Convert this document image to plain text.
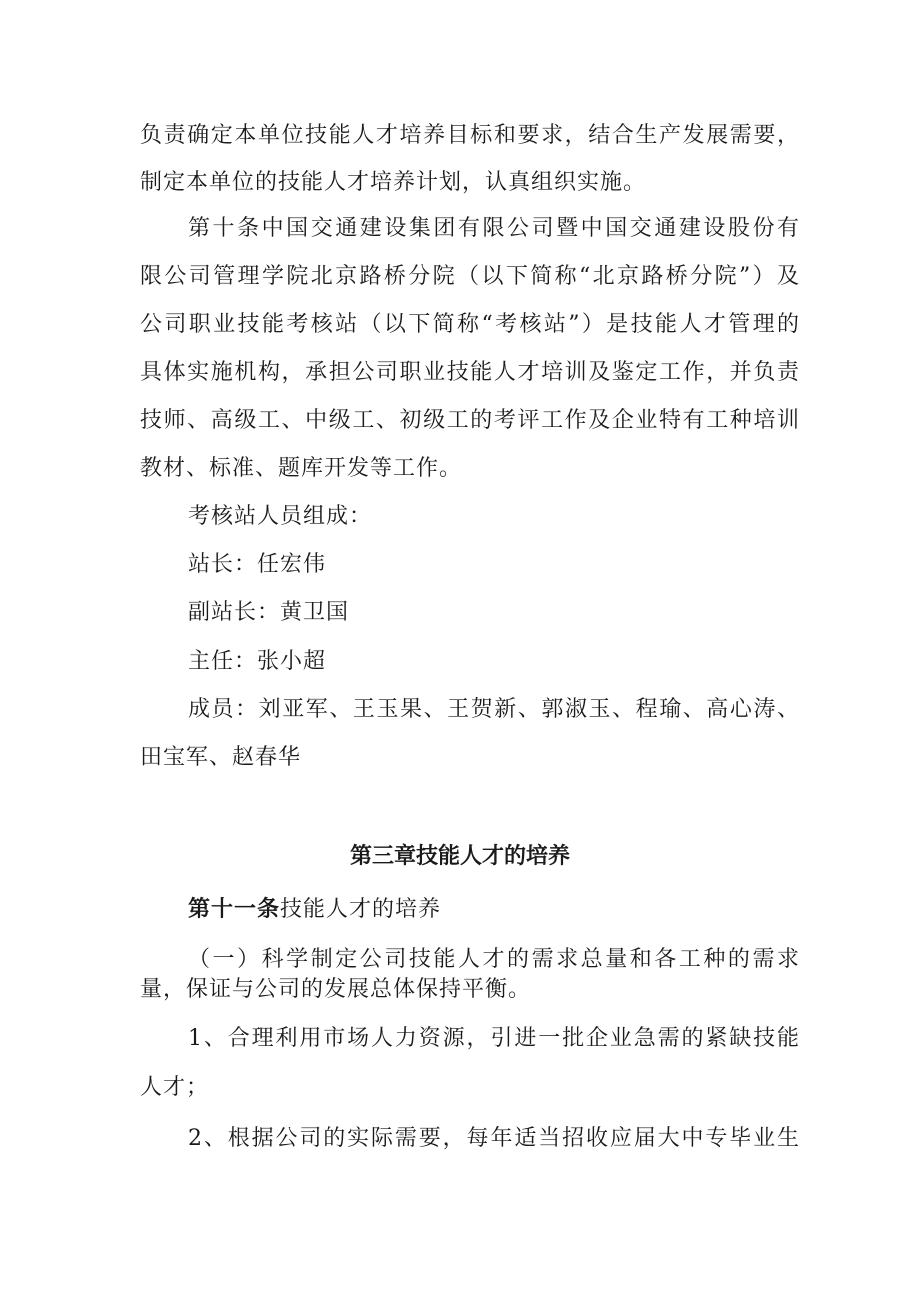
负责确定本单位技能人才培养目标和要求，结合生产发展需要，
制定本单位的技能人才培养计划，认真组织实施。
第十条中国交通建设集团有限公司暨中国交通建设股份有
限公司管理学院北京路桥分院（以下简称“北京路桥分院”）及
公司职业技能考核站（以下简称“考核站”）是技能人才管理的
具体实施机构，承担公司职业技能人才培训及鉴定工作，并负责
技师、高级工、中级工、初级工的考评工作及企业特有工种培训
教材、标准、题库开发等工作。
考核站人员组成：
站长：任宏伟
副站长：黄卫国
主任：张小超
成员：刘亚军、王玉果、王贺新、郭淑玉、程瑜、高心涛、
田宝军、赵春华
第三章技能人才的培养
第十一条技能人才的培养
（一）科学制定公司技能人才的需求总量和各工种的需求
量，保证与公司的发展总体保持平衡。
1、合理利用市场人力资源，引进一批企业急需的紧缺技能
人才；
2、根据公司的实际需要，每年适当招收应届大中专毕业生
